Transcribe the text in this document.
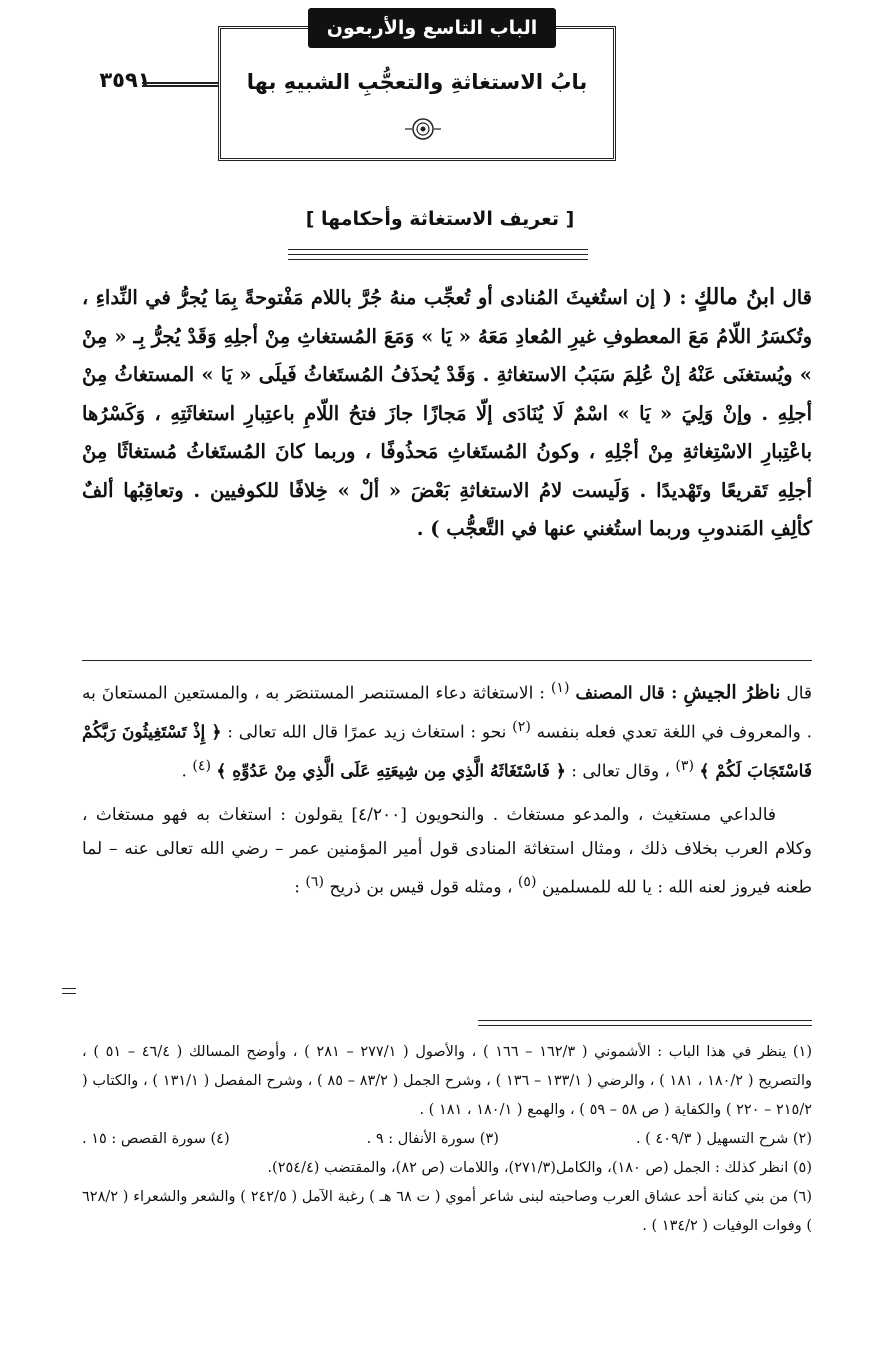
الباب التاسع والأربعون
بابُ الاستغاثةِ والتعجُّبِ الشبيهِ بها
٣٥٩١
[ تعريف الاستغاثة وأحكامها ]
قال ابنُ مالكٍ : ( إن استُغيثَ المُنادى أو تُعجِّب منهُ جُرَّ باللام مَفْتوحةً بِمَا يُجرُّ في النِّداءِ ، وتُكسَرُ اللّامُ مَعَ المعطوفِ غيرِ المُعادِ مَعَهُ « يَا » وَمَعَ المُستغاثِ مِنْ أجلِهِ وَقَدْ يُجرُّ بِـ « مِنْ » ويُستغنَى عَنْهُ إنْ عُلِمَ سَبَبُ الاستغاثةِ . وَقَدْ يُحذَفُ المُستَغاثُ فَيلَى « يَا » المستغاثُ مِنْ أجلِهِ . وإنْ وَلِيَ « يَا » اسْمٌ لَا يُنَادَى إلّا مَجازًا جازَ فتحُ اللّامِ باعتِبارِ استغاثَتِهِ ، وَكَسْرُها باعْتِبارِ الاسْتِغاثةِ مِنْ أجْلِهِ ، وكونُ المُستَغاثِ مَحذُوفًا ، وربما كانَ المُستَغاثُ مُستغاثًا مِنْ أجلِهِ تَقريعًا وتَهْديدًا . وَلَيست لامُ الاستغاثةِ بَعْضَ « ألْ » خِلافًا للكوفيين . وتعاقِبُها ألفٌ كألِفِ المَندوبِ وربما استُغني عنها في التَّعجُّب ) .

قال ناظرُ الجيشِ : قال المصنف $^{(١)}$ : الاستغاثة دعاء المستنصر المستنصَر به ، والمستعين المستعانَ به . والمعروف في اللغة تعدي فعله بنفسه $^{(٢)}$ نحو : استغاث زيد عمرًا قال الله تعالى : ﴿ إِذْ تَسْتَغِيثُونَ رَبَّكُمْ فَاسْتَجَابَ لَكُمْ ﴾ $^{(٣)}$ ، وقال تعالى : ﴿ فَاسْتَغَاثَهُ الَّذِي مِن شِيعَتِهِ عَلَى الَّذِي مِنْ عَدُوِّهِ ﴾ $^{(٤)}$ .

فالداعي مستغيث ، والمدعو مستغاث . والنحويون [٤/٢٠٠] يقولون : استغاث به فهو مستغاث ، وكلام العرب بخلاف ذلك ، ومثال استغاثة المنادى قول أمير المؤمنين عمر – رضي الله تعالى عنه – لما طعنه فيروز لعنه الله : يا لله للمسلمين $^{(٥)}$ ، ومثله قول قيس بن ذريح $^{(٦)}$ :

(١) ينظر في هذا الباب : الأشموني ( ١٦٢/٣ – ١٦٦ ) ، والأصول ( ٢٧٧/١ – ٢٨١ ) ، وأوضح المسالك ( ٤٦/٤ – ٥١ ) ، والتصريح ( ١٨٠/٢ ، ١٨١ ) ، والرضي ( ١٣٣/١ – ١٣٦ ) ، وشرح الجمل ( ٨٣/٢ – ٨٥ ) ، وشرح المفصل ( ١٣١/١ ) ، والكتاب ( ٢١٥/٢ – ٢٢٠ ) والكفاية ( ص ٥٨ – ٥٩ ) ، والهمع ( ١٨٠/١ ، ١٨١ ) .

(٢) شرح التسهيل ( ٤٠٩/٣ ) .
(٣) سورة الأنفال : ٩ .
(٤) سورة القصص : ١٥ .

(٥) انظر كذلك : الجمل (ص ١٨٠)، والكامل(٢٧١/٣)، واللامات (ص ٨٢)، والمقتضب (٢٥٤/٤).

(٦) من بني كنانة أحد عشاق العرب وصاحبته لبنى شاعر أموي ( ت ٦٨ هـ ) رغبة الآمل ( ٢٤٢/٥ ) والشعر والشعراء ( ٦٢٨/٢ ) وفوات الوفيات ( ١٣٤/٢ ) .
